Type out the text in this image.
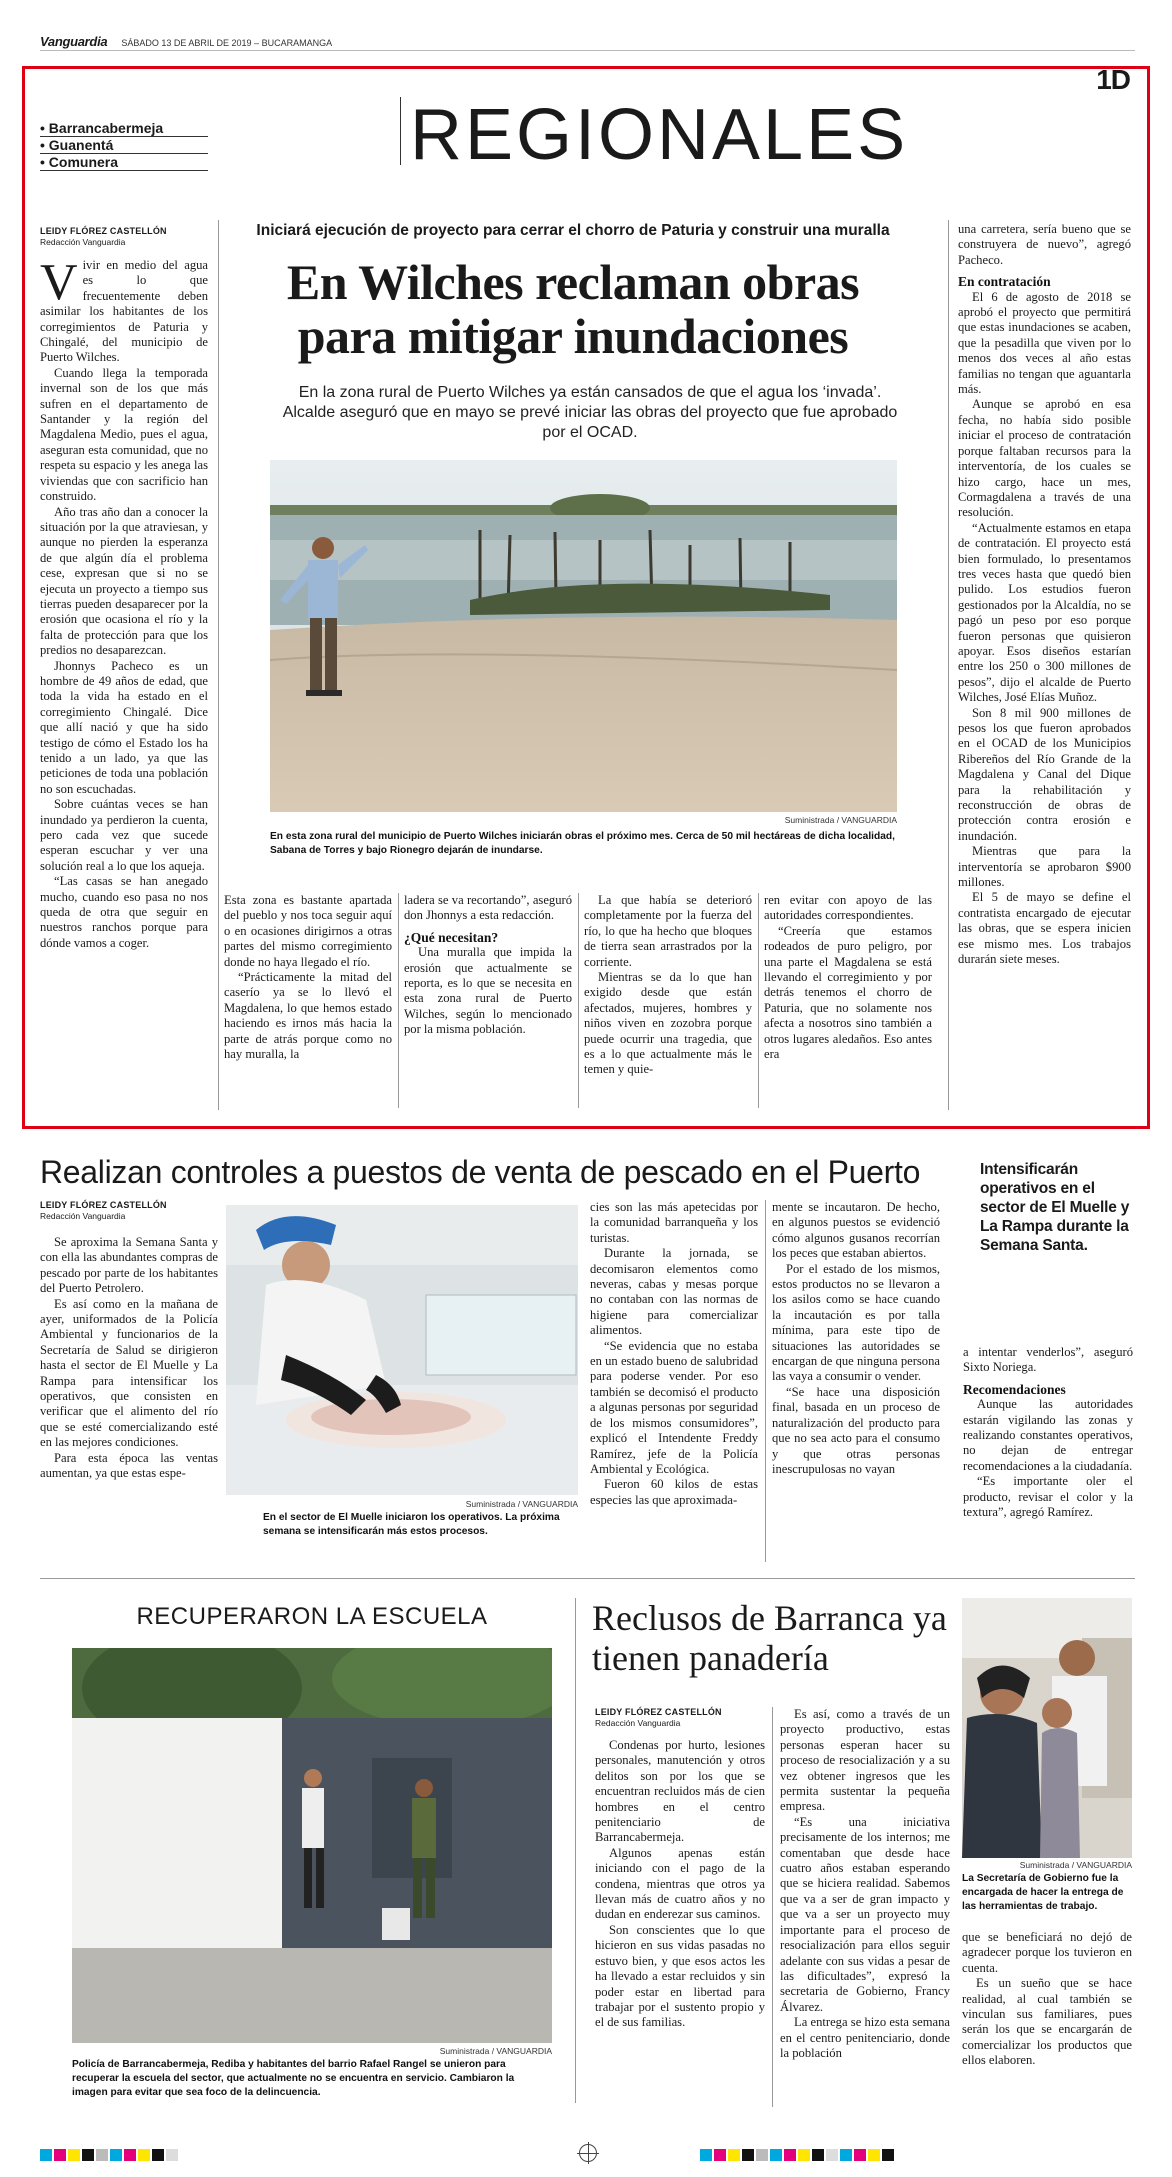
Vanguardia SÁBADO 13 DE ABRIL DE 2019 – BUCARAMANGA
1D
• Barrancabermeja
• Guanentá
• Comunera	REGIONALES
LEIDY FLÓREZ CASTELLÓN
Redacción Vanguardia

Vivir en medio del agua es lo que frecuentemente deben asimilar los habitantes de los corregimientos de Paturia y Chingalé, del municipio de Puerto Wilches.

Cuando llega la temporada invernal son de los que más sufren en el departamento de Santander y la región del Magdalena Medio, pues el agua, aseguran esta comunidad, que no respeta su espacio y les anega las viviendas que con sacrificio han construido.

Año tras año dan a conocer la situación por la que atraviesan, y aunque no pierden la esperanza de que algún día el problema cese, expresan que si no se ejecuta un proyecto a tiempo sus tierras pueden desaparecer por la erosión que ocasiona el río y la falta de protección para que los predios no desaparezcan.

Jhonnys Pacheco es un hombre de 49 años de edad, que toda la vida ha estado en el corregimiento Chingalé. Dice que allí nació y que ha sido testigo de cómo el Estado los ha tenido a un lado, ya que las peticiones de toda una población no son escuchadas.

Sobre cuántas veces se han inundado ya perdieron la cuenta, pero cada vez que sucede esperan escuchar y ver una solución real a lo que los aqueja.

“Las casas se han anegado mucho, cuando eso pasa no nos queda de otra que seguir en nuestros ranchos porque para dónde vamos a coger.

Iniciará ejecución de proyecto para cerrar el chorro de Paturia y construir una muralla
En Wilches reclaman obras para mitigar inundaciones
En la zona rural de Puerto Wilches ya están cansados de que el agua los ‘invada’. Alcalde aseguró que en mayo se prevé iniciar las obras del proyecto que fue aprobado por el OCAD.
Suministrada / VANGUARDIA
En esta zona rural del municipio de Puerto Wilches iniciarán obras el próximo mes. Cerca de 50 mil hectáreas de dicha localidad, Sabana de Torres y bajo Rionegro dejarán de inundarse.

Esta zona es bastante apartada del pueblo y nos toca seguir aquí o en ocasiones dirigirnos a otras partes del mismo corregimiento donde no haya llegado el río.

“Prácticamente la mitad del caserío ya se lo llevó el Magdalena, lo que hemos estado haciendo es irnos más hacia la parte de atrás porque como no hay muralla, la

ladera se va recortando”, aseguró don Jhonnys a esta redacción.

¿Qué necesitan?

Una muralla que impida la erosión que actualmente se reporta, es lo que se necesita en esta zona rural de Puerto Wilches, según lo mencionado por la misma población.

La que había se deterioró completamente por la fuerza del río, lo que ha hecho que bloques de tierra sean arrastrados por la corriente.

Mientras se da lo que han exigido desde que están afectados, mujeres, hombres y niños viven en zozobra porque puede ocurrir una tragedia, que es a lo que actualmente más le temen y quie-

ren evitar con apoyo de las autoridades correspondientes.

“Creería que estamos rodeados de puro peligro, por una parte el Magdalena se está llevando el corregimiento y por detrás tenemos el chorro de Paturia, que no solamente nos afecta a nosotros sino también a otros lugares aledaños. Eso antes era

una carretera, sería bueno que se construyera de nuevo”, agregó Pacheco.

En contratación

El 6 de agosto de 2018 se aprobó el proyecto que permitirá que estas inundaciones se acaben, que la pesadilla que viven por lo menos dos veces al año estas familias no tengan que aguantarla más.

Aunque se aprobó en esa fecha, no había sido posible iniciar el proceso de contratación porque faltaban recursos para la interventoría, de los cuales se hizo cargo, hace un mes, Cormagdalena a través de una resolución.

“Actualmente estamos en etapa de contratación. El proyecto está bien formulado, lo presentamos tres veces hasta que quedó bien pulido. Los estudios fueron gestionados por la Alcaldía, no se pagó un peso por eso porque fueron personas que quisieron apoyar. Esos diseños estarían entre los 250 o 300 millones de pesos”, dijo el alcalde de Puerto Wilches, José Elías Muñoz.

Son 8 mil 900 millones de pesos los que fueron aprobados en el OCAD de los Municipios Ribereños del Río Grande de la Magdalena y Canal del Dique para la rehabilitación y reconstrucción de obras de protección contra erosión e inundación.

Mientras que para la interventoría se aprobaron $900 millones.

El 5 de mayo se define el contratista encargado de ejecutar las obras, que se espera inicien ese mismo mes. Los trabajos durarán siete meses.

Realizan controles a puestos de venta de pescado en el Puerto
LEIDY FLÓREZ CASTELLÓN
Redacción Vanguardia

Se aproxima la Semana Santa y con ella las abundantes compras de pescado por parte de los habitantes del Puerto Petrolero.

Es así como en la mañana de ayer, uniformados de la Policía Ambiental y funcionarios de la Secretaría de Salud se dirigieron hasta el sector de El Muelle y La Rampa para intensificar los operativos, que consisten en verificar que el alimento del río que se esté comercializando esté en las mejores condiciones.

Para esta época las ventas aumentan, ya que estas espe-

Suministrada / VANGUARDIA
En el sector de El Muelle iniciaron los operativos. La próxima semana se intensificarán más estos procesos.

cies son las más apetecidas por la comunidad barranqueña y los turistas.

Durante la jornada, se decomisaron elementos como neveras, cabas y mesas porque no contaban con las normas de higiene para comercializar alimentos.

“Se evidencia que no estaba en un estado bueno de salubridad para poderse vender. Por eso también se decomisó el producto a algunas personas por seguridad de los mismos consumidores”, explicó el Intendente Freddy Ramírez, jefe de la Policía Ambiental y Ecológica.

Fueron 60 kilos de estas especies las que aproximada-

mente se incautaron. De hecho, en algunos puestos se evidenció cómo algunos gusanos recorrían los peces que estaban abiertos.

Por el estado de los mismos, estos productos no se llevaron a los asilos como se hace cuando la incautación es por talla mínima, para este tipo de situaciones las autoridades se encargan de que ninguna persona las vaya a consumir o vender.

“Se hace una disposición final, basada en un proceso de naturalización del producto para que no sea acto para el consumo y que otras personas inescrupulosas no vayan

Intensificarán operativos en el sector de El Muelle y La Rampa durante la Semana Santa.

a intentar venderlos”, aseguró Sixto Noriega.

Recomendaciones

Aunque las autoridades estarán vigilando las zonas y realizando constantes operativos, no dejan de entregar recomendaciones a la ciudadanía.

“Es importante oler el producto, revisar el color y la textura”, agregó Ramírez.

RECUPERARON LA ESCUELA
Suministrada / VANGUARDIA
Policía de Barrancabermeja, Rediba y habitantes del barrio Rafael Rangel se unieron para recuperar la escuela del sector, que actualmente no se encuentra en servicio. Cambiaron la imagen para evitar que sea foco de la delincuencia.
Reclusos de Barranca ya tienen panadería
LEIDY FLÓREZ CASTELLÓN
Redacción Vanguardia

Condenas por hurto, lesiones personales, manutención y otros delitos son por los que se encuentran recluidos más de cien hombres en el centro penitenciario de Barrancabermeja.

Algunos apenas están iniciando con el pago de la condena, mientras que otros ya llevan más de cuatro años y no dudan en enderezar sus caminos.

Son conscientes que lo que hicieron en sus vidas pasadas no estuvo bien, y que esos actos les ha llevado a estar recluidos y sin poder estar en libertad para trabajar por el sustento propio y el de sus familias.

Es así, como a través de un proyecto productivo, estas personas esperan hacer su proceso de resocialización y a su vez obtener ingresos que les permita sustentar la pequeña empresa.

“Es una iniciativa precisamente de los internos; me comentaban que desde hace cuatro años estaban esperando que se hiciera realidad. Sabemos que va a ser de gran impacto y que va a ser un proyecto muy importante para el proceso de resocialización para ellos seguir adelante con sus vidas a pesar de las dificultades”, expresó la secretaria de Gobierno, Francy Álvarez.

La entrega se hizo esta semana en el centro penitenciario, donde la población

Suministrada / VANGUARDIA
La Secretaría de Gobierno fue la encargada de hacer la entrega de las herramientas de trabajo.

que se beneficiará no dejó de agradecer porque los tuvieron en cuenta.

Es un sueño que se hace realidad, al cual también se vinculan sus familiares, pues serán los que se encargarán de comercializar los productos que ellos elaboren.
